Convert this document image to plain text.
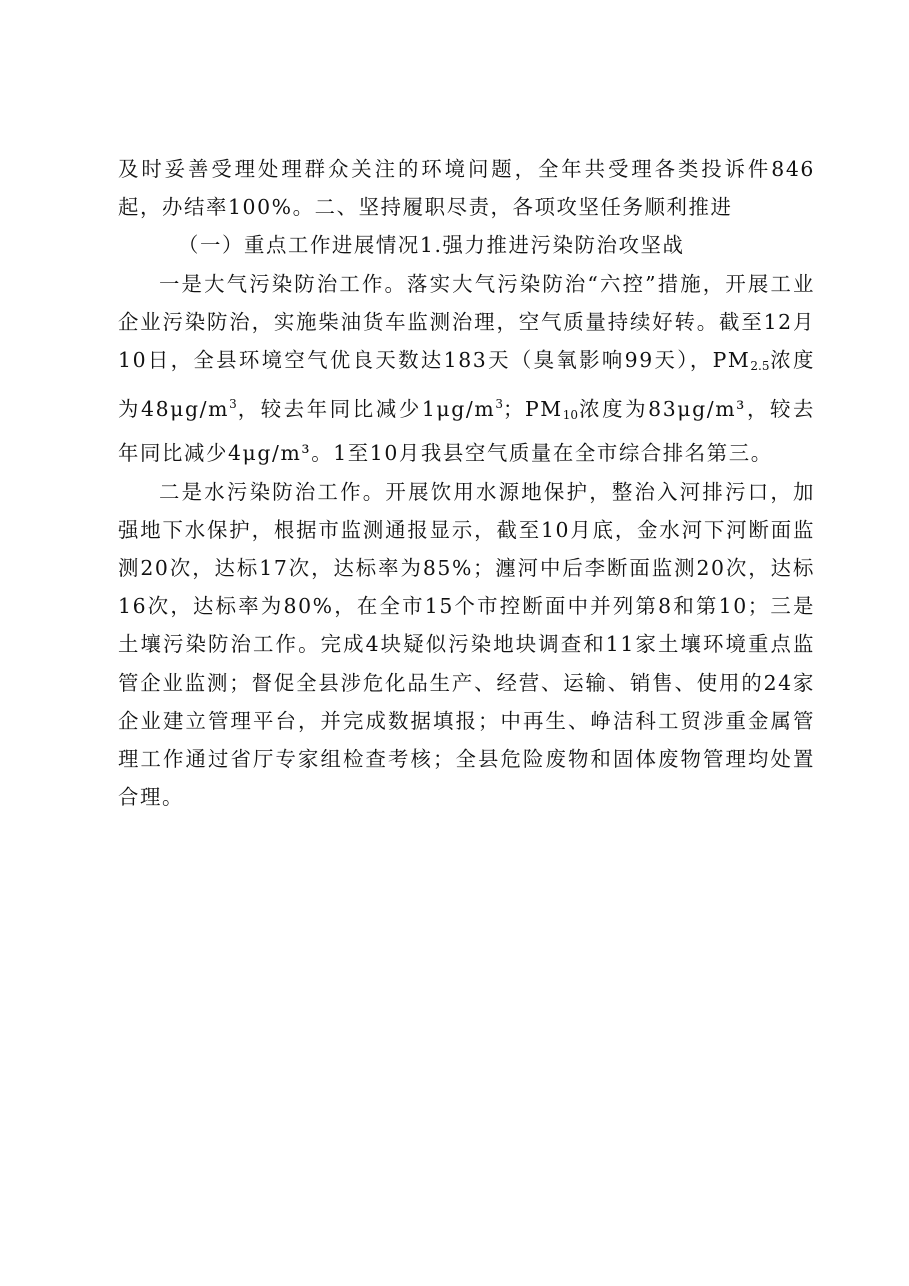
及时妥善受理处理群众关注的环境问题，全年共受理各类投诉件846起，办结率100%。二、坚持履职尽责，各项攻坚任务顺利推进

（一）重点工作进展情况1.强力推进污染防治攻坚战

一是大气污染防治工作。落实大气污染防治“六控”措施，开展工业企业污染防治，实施柴油货车监测治理，空气质量持续好转。截至12月10日，全县环境空气优良天数达183天（臭氧影响99天），$PM_{2.5}$浓度为$48\mu g/m^3$，较去年同比减少$1\mu g/m^3$；$PM_{10}$浓度为83μg/m³，较去年同比减少4μg/m³。1至10月我县空气质量在全市综合排名第三。

二是水污染防治工作。开展饮用水源地保护，整治入河排污口，加强地下水保护，根据市监测通报显示，截至10月底，金水河下河断面监测20次，达标17次，达标率为85%；瀍河中后李断面监测20次，达标16次，达标率为80%，在全市15个市控断面中并列第8和第10；三是土壤污染防治工作。完成4块疑似污染地块调查和11家土壤环境重点监管企业监测；督促全县涉危化品生产、经营、运输、销售、使用的24家企业建立管理平台，并完成数据填报；中再生、峥洁科工贸涉重金属管理工作通过省厅专家组检查考核；全县危险废物和固体废物管理均处置合理。
